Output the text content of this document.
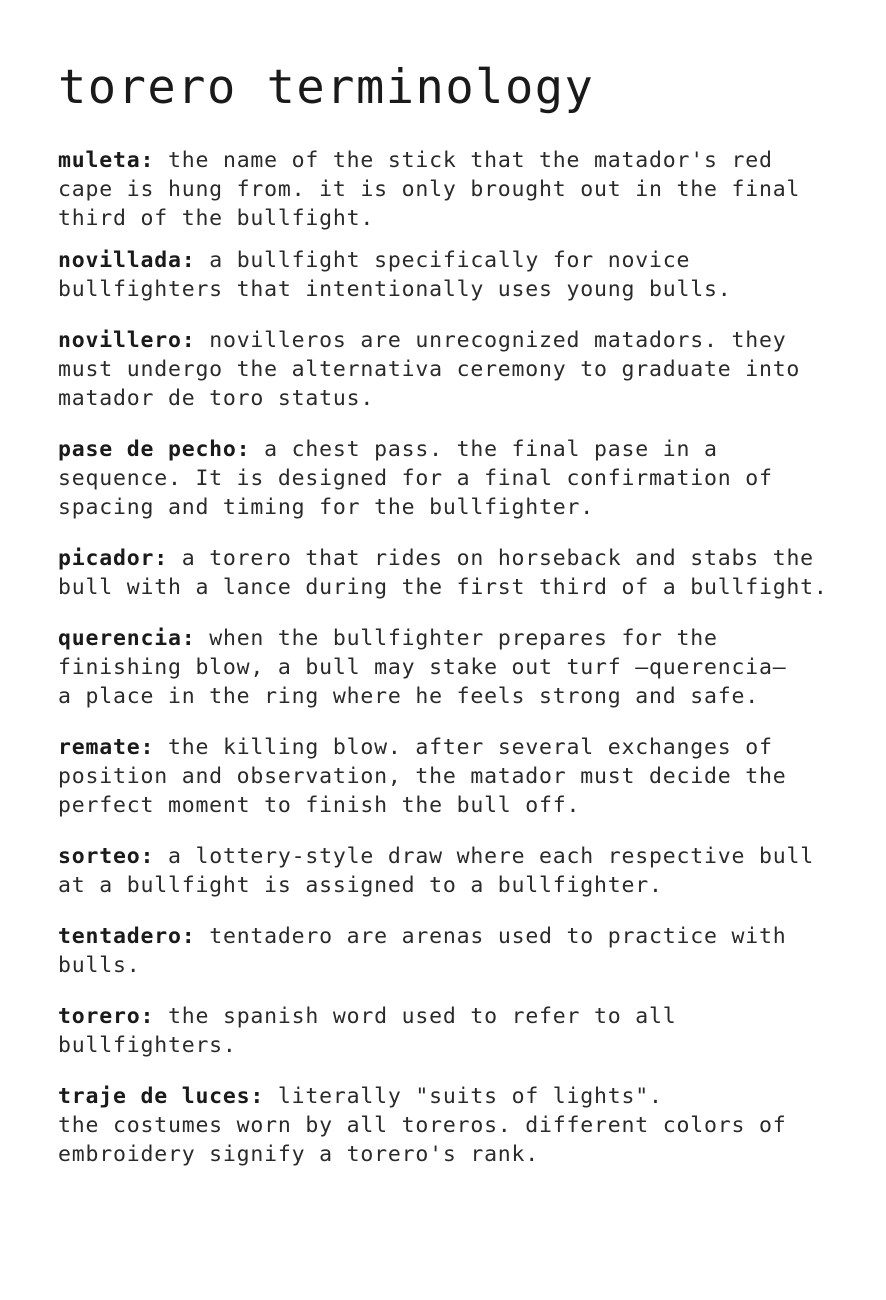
torero terminology

muleta: the name of the stick that the matador's red
cape is hung from. it is only brought out in the final
third of the bullfight.

novillada: a bullfight specifically for novice
bullfighters that intentionally uses young bulls.

novillero: novilleros are unrecognized matadors. they
must undergo the alternativa ceremony to graduate into
matador de toro status.

pase de pecho: a chest pass. the final pase in a
sequence. It is designed for a final confirmation of
spacing and timing for the bullfighter.

picador: a torero that rides on horseback and stabs the
bull with a lance during the first third of a bullfight.

querencia: when the bullfighter prepares for the
finishing blow, a bull may stake out turf —querencia—
a place in the ring where he feels strong and safe.

remate: the killing blow. after several exchanges of
position and observation, the matador must decide the
perfect moment to finish the bull off.

sorteo: a lottery-style draw where each respective bull
at a bullfight is assigned to a bullfighter.

tentadero: tentadero are arenas used to practice with
bulls.

torero: the spanish word used to refer to all
bullfighters.

traje de luces: literally "suits of lights".
the costumes worn by all toreros. different colors of
embroidery signify a torero's rank.
